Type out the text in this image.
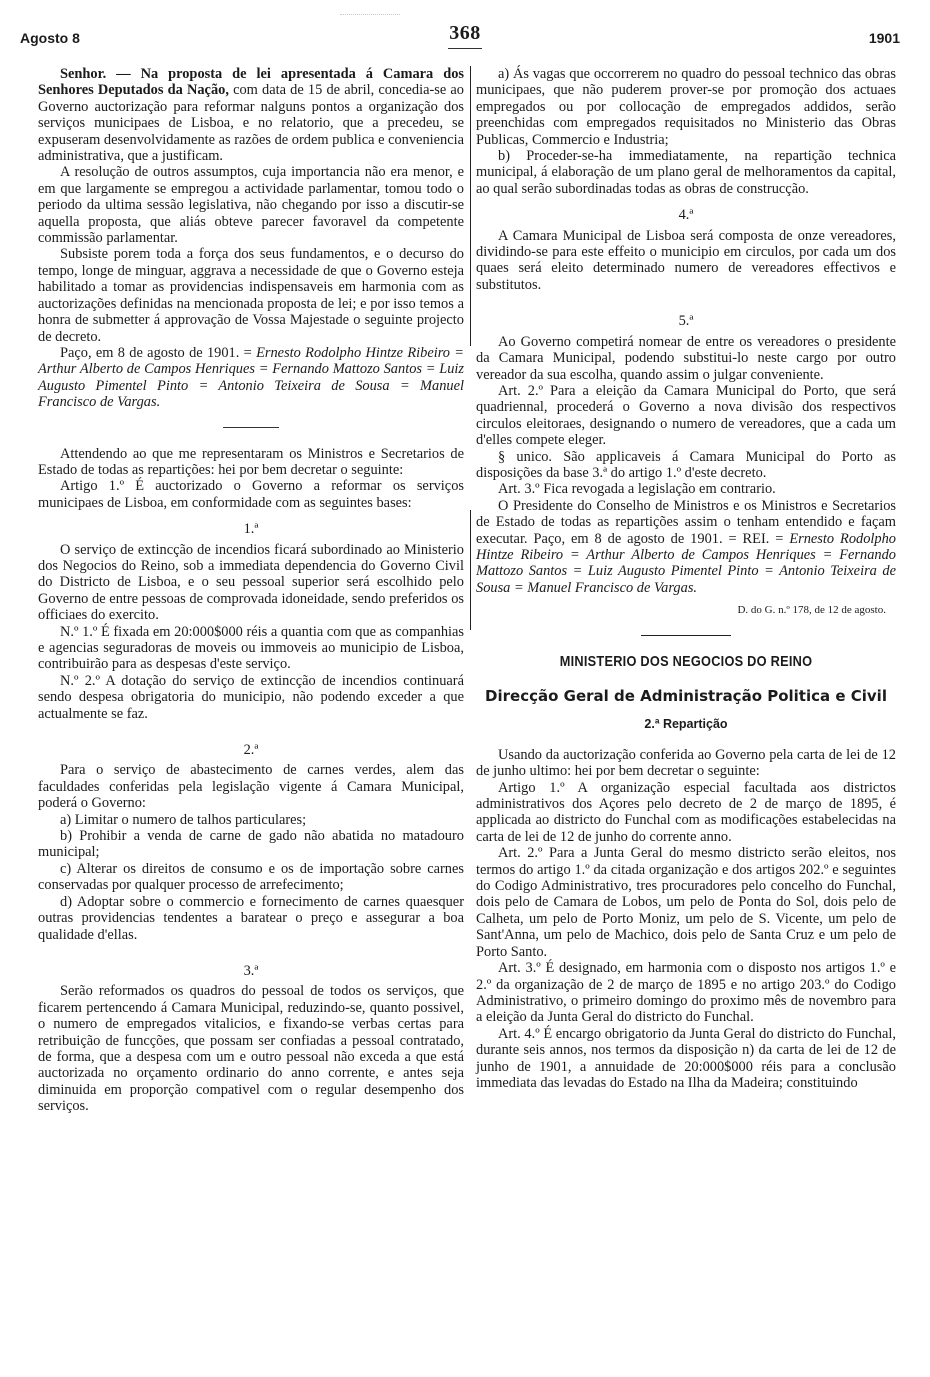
Agosto 8	368	1901

Senhor. — Na proposta de lei apresentada á Camara dos Senhores Deputados da Nação, com data de 15 de abril, concedia-se ao Governo auctorização para reformar nalguns pontos a organização dos serviços municipaes de Lisboa, e no relatorio, que a precedeu, se expuseram desenvolvidamente as razões de ordem publica e conveniencia administrativa, que a justificam.

A resolução de outros assumptos, cuja importancia não era menor, e em que largamente se empregou a actividade parlamentar, tomou todo o periodo da ultima sessão legislativa, não chegando por isso a discutir-se aquella proposta, que aliás obteve parecer favoravel da competente commissão parlamentar.

Subsiste porem toda a força dos seus fundamentos, e o decurso do tempo, longe de minguar, aggrava a necessidade de que o Governo esteja habilitado a tomar as providencias indispensaveis em harmonia com as auctorizações definidas na mencionada proposta de lei; e por isso temos a honra de submetter á approvação de Vossa Majestade o seguinte projecto de decreto.

Paço, em 8 de agosto de 1901. = Ernesto Rodolpho Hintze Ribeiro = Arthur Alberto de Campos Henriques = Fernando Mattozo Santos = Luiz Augusto Pimentel Pinto = Antonio Teixeira de Sousa = Manuel Francisco de Vargas.

Attendendo ao que me representaram os Ministros e Secretarios de Estado de todas as repartições: hei por bem decretar o seguinte:

Artigo 1.º É auctorizado o Governo a reformar os serviços municipaes de Lisboa, em conformidade com as seguintes bases:

1.ª

O serviço de extincção de incendios ficará subordinado ao Ministerio dos Negocios do Reino, sob a immediata dependencia do Governo Civil do Districto de Lisboa, e o seu pessoal superior será escolhido pelo Governo de entre pessoas de comprovada idoneidade, sendo preferidos os officiaes do exercito.

N.º 1.º É fixada em 20:000$000 réis a quantia com que as companhias e agencias seguradoras de moveis ou immoveis ao municipio de Lisboa, contribuirão para as despesas d'este serviço.

N.º 2.º A dotação do serviço de extincção de incendios continuará sendo despesa obrigatoria do municipio, não podendo exceder a que actualmente se faz.

2.ª

Para o serviço de abastecimento de carnes verdes, alem das faculdades conferidas pela legislação vigente á Camara Municipal, poderá o Governo:

a) Limitar o numero de talhos particulares;

b) Prohibir a venda de carne de gado não abatida no matadouro municipal;

c) Alterar os direitos de consumo e os de importação sobre carnes conservadas por qualquer processo de arrefecimento;

d) Adoptar sobre o commercio e fornecimento de carnes quaesquer outras providencias tendentes a baratear o preço e assegurar a boa qualidade d'ellas.

3.ª

Serão reformados os quadros do pessoal de todos os serviços, que ficarem pertencendo á Camara Municipal, reduzindo-se, quanto possivel, o numero de empregados vitalicios, e fixando-se verbas certas para retribuição de funcções, que possam ser confiadas a pessoal contratado, de forma, que a despesa com um e outro pessoal não exceda a que está auctorizada no orçamento ordinario do anno corrente, e antes seja diminuida em proporção compativel com o regular desempenho dos serviços.

a) Ás vagas que occorrerem no quadro do pessoal technico das obras municipaes, que não puderem prover-se por promoção dos actuaes empregados ou por collocação de empregados addidos, serão preenchidas com empregados requisitados no Ministerio das Obras Publicas, Commercio e Industria;

b) Proceder-se-ha immediatamente, na repartição technica municipal, á elaboração de um plano geral de melhoramentos da capital, ao qual serão subordinadas todas as obras de construcção.

4.ª

A Camara Municipal de Lisboa será composta de onze vereadores, dividindo-se para este effeito o municipio em circulos, por cada um dos quaes será eleito determinado numero de vereadores effectivos e substitutos.

5.ª

Ao Governo competirá nomear de entre os vereadores o presidente da Camara Municipal, podendo substitui-lo neste cargo por outro vereador da sua escolha, quando assim o julgar conveniente.

Art. 2.º Para a eleição da Camara Municipal do Porto, que será quadriennal, procederá o Governo a nova divisão dos respectivos circulos eleitoraes, designando o numero de vereadores, que a cada um d'elles compete eleger.

§ unico. São applicaveis á Camara Municipal do Porto as disposições da base 3.ª do artigo 1.º d'este decreto.

Art. 3.º Fica revogada a legislação em contrario.

O Presidente do Conselho de Ministros e os Ministros e Secretarios de Estado de todas as repartições assim o tenham entendido e façam executar. Paço, em 8 de agosto de 1901. = REI. = Ernesto Rodolpho Hintze Ribeiro = Arthur Alberto de Campos Henriques = Fernando Mattozo Santos = Luiz Augusto Pimentel Pinto = Antonio Teixeira de Sousa = Manuel Francisco de Vargas.

D. do G. n.º 178, de 12 de agosto.

MINISTERIO DOS NEGOCIOS DO REINO

Direcção Geral de Administração Politica e Civil

2.ª Repartição

Usando da auctorização conferida ao Governo pela carta de lei de 12 de junho ultimo: hei por bem decretar o seguinte:

Artigo 1.º A organização especial facultada aos districtos administrativos dos Açores pelo decreto de 2 de março de 1895, é applicada ao districto do Funchal com as modificações estabelecidas na carta de lei de 12 de junho do corrente anno.

Art. 2.º Para a Junta Geral do mesmo districto serão eleitos, nos termos do artigo 1.º da citada organização e dos artigos 202.º e seguintes do Codigo Administrativo, tres procuradores pelo concelho do Funchal, dois pelo de Camara de Lobos, um pelo de Ponta do Sol, dois pelo de Calheta, um pelo de Porto Moniz, um pelo de S. Vicente, um pelo de Sant'Anna, um pelo de Machico, dois pelo de Santa Cruz e um pelo de Porto Santo.

Art. 3.º É designado, em harmonia com o disposto nos artigos 1.º e 2.º da organização de 2 de março de 1895 e no artigo 203.º do Codigo Administrativo, o primeiro domingo do proximo mês de novembro para a eleição da Junta Geral do districto do Funchal.

Art. 4.º É encargo obrigatorio da Junta Geral do districto do Funchal, durante seis annos, nos termos da disposição n) da carta de lei de 12 de junho de 1901, a annuidade de 20:000$000 réis para a conclusão immediata das levadas do Estado na Ilha da Madeira; constituindo
